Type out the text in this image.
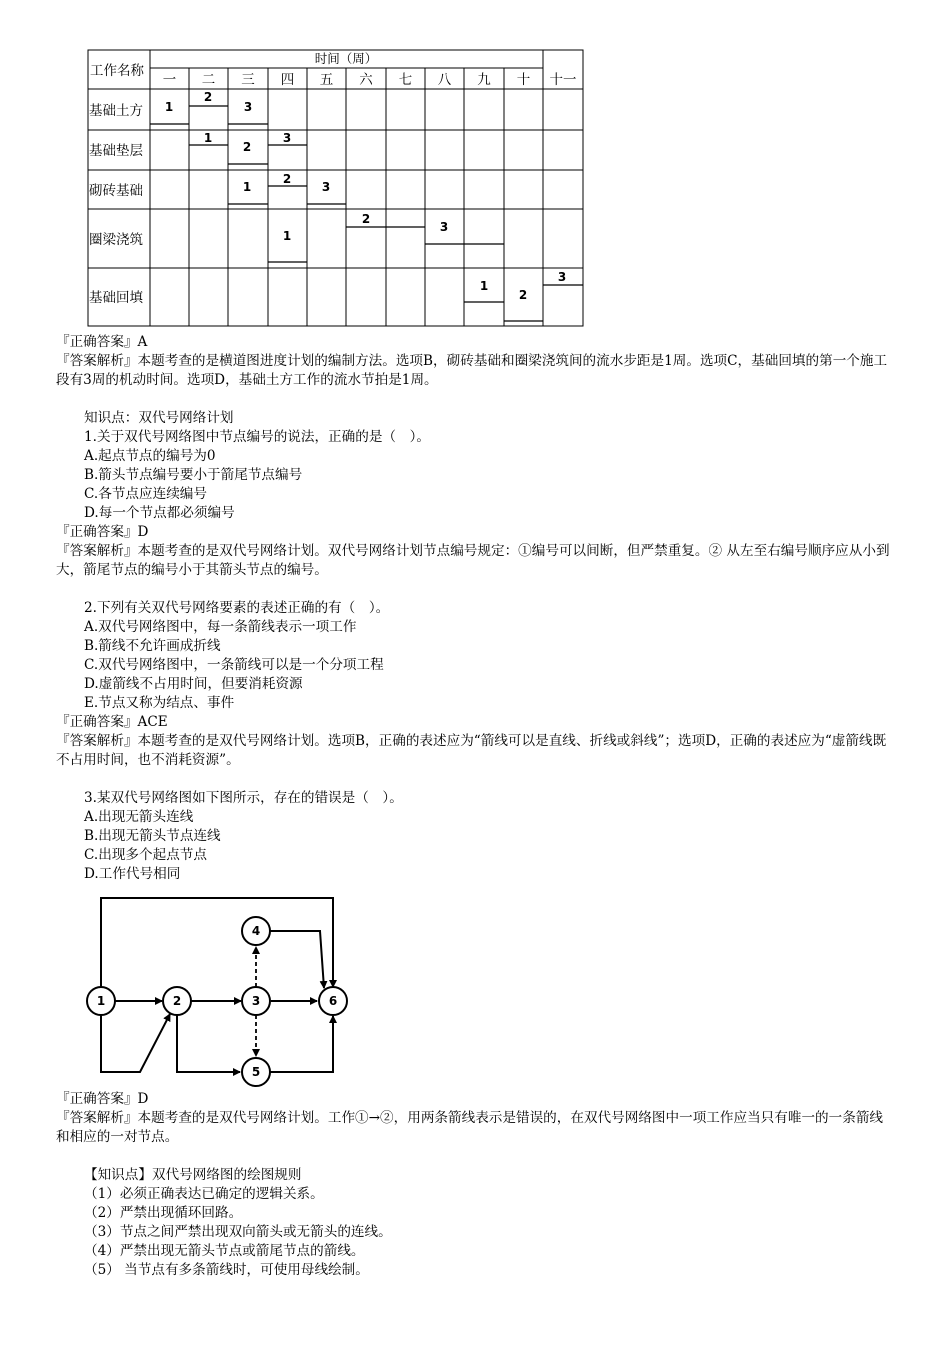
工作名称
时间（周）
一 二 三 四 五 六 七 八 九 十 十一
基础土方
基础垫层
砌砖基础
圈梁浇筑
基础回填
1
2
3
1
2
3
1
2
3
1
2
3
1
2
3
『正确答案』A
『答案解析』本题考查的是横道图进度计划的编制方法。选项B，砌砖基础和圈梁浇筑间的流水步距是1周。选项C，基础回填的第一个施工段有3周的机动时间。选项D，基础土方工作的流水节拍是1周。
知识点：双代号网络计划
1.关于双代号网络图中节点编号的说法，正确的是（　）。
A.起点节点的编号为0
B.箭头节点编号要小于箭尾节点编号
C.各节点应连续编号
D.每一个节点都必须编号
『正确答案』D
『答案解析』本题考查的是双代号网络计划。双代号网络计划节点编号规定：①编号可以间断，但严禁重复。② 从左至右编号顺序应从小到大，箭尾节点的编号小于其箭头节点的编号。
2.下列有关双代号网络要素的表述正确的有（　）。
A.双代号网络图中，每一条箭线表示一项工作
B.箭线不允许画成折线
C.双代号网络图中，一条箭线可以是一个分项工程
D.虚箭线不占用时间，但要消耗资源
E.节点又称为结点、事件
『正确答案』ACE
『答案解析』本题考查的是双代号网络计划。选项B，正确的表述应为“箭线可以是直线、折线或斜线”；选项D，正确的表述应为“虚箭线既不占用时间，也不消耗资源”。
3.某双代号网络图如下图所示，存在的错误是（　）。
A.出现无箭头连线
B.出现无箭头节点连线
C.出现多个起点节点
D.工作代号相同
1	2	3
4
5
6
『正确答案』D
『答案解析』本题考查的是双代号网络计划。工作①→②，用两条箭线表示是错误的，在双代号网络图中一项工作应当只有唯一的一条箭线和相应的一对节点。
【知识点】双代号网络图的绘图规则
（1）必须正确表达已确定的逻辑关系。
（2）严禁出现循环回路。
（3）节点之间严禁出现双向箭头或无箭头的连线。
（4）严禁出现无箭头节点或箭尾节点的箭线。
（5） 当节点有多条箭线时，可使用母线绘制。
